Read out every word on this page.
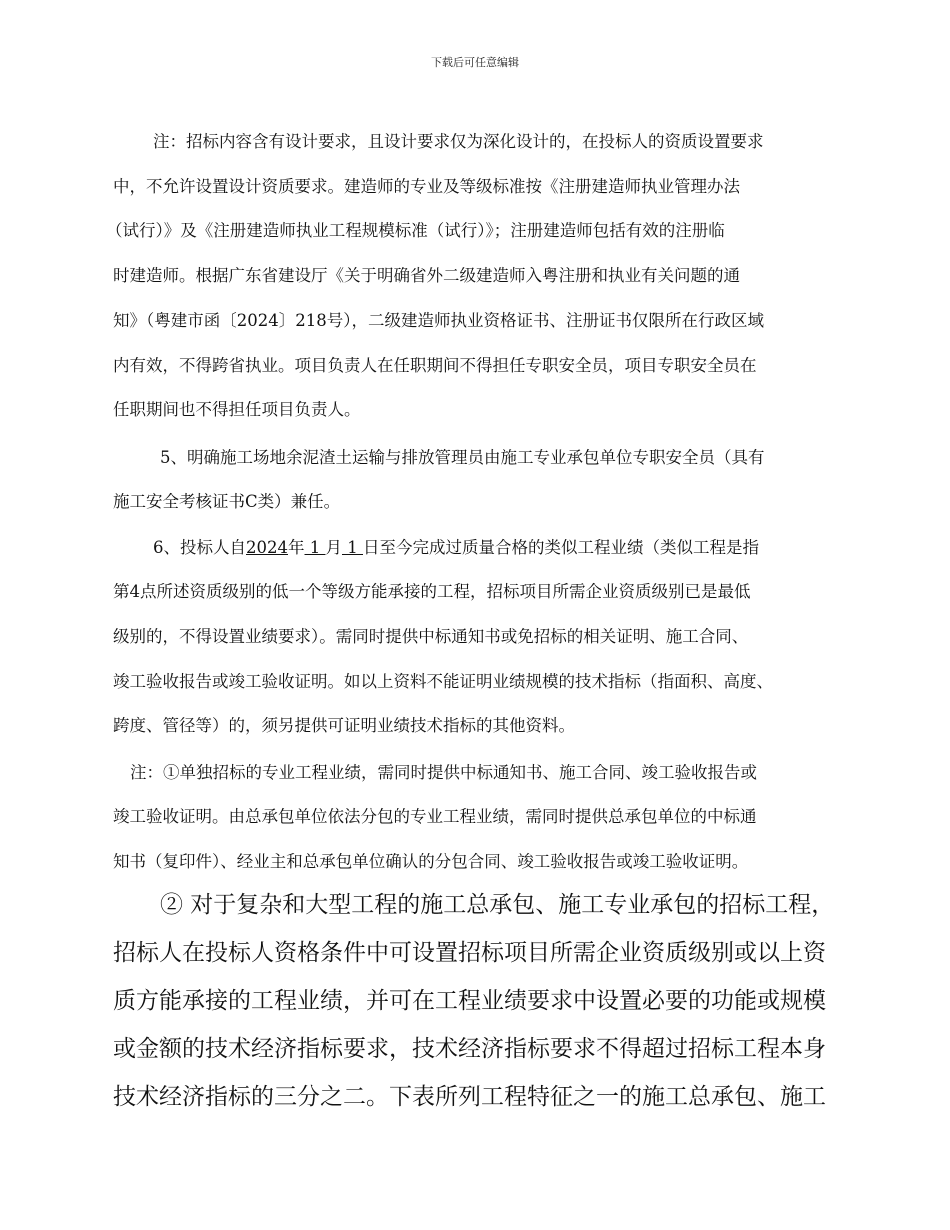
下载后可任意编辑
注：招标内容含有设计要求，且设计要求仅为深化设计的，在投标人的资质设置要求
中，不允许设置设计资质要求。建造师的专业及等级标准按《注册建造师执业管理办法
（试行）》及《注册建造师执业工程规模标准（试行）》；注册建造师包括有效的注册临
时建造师。根据广东省建设厅《关于明确省外二级建造师入粤注册和执业有关问题的通
知》（粤建市函〔2024〕218号），二级建造师执业资格证书、注册证书仅限所在行政区域
内有效，不得跨省执业。项目负责人在任职期间不得担任专职安全员，项目专职安全员在
任职期间也不得担任项目负责人。
5、明确施工场地余泥渣土运输与排放管理员由施工专业承包单位专职安全员（具有
施工安全考核证书C类）兼任。
6、投标人自2024年 1 月 1 日至今完成过质量合格的类似工程业绩（类似工程是指
第4点所述资质级别的低一个等级方能承接的工程，招标项目所需企业资质级别已是最低
级别的，不得设置业绩要求）。需同时提供中标通知书或免招标的相关证明、施工合同、
竣工验收报告或竣工验收证明。如以上资料不能证明业绩规模的技术指标（指面积、高度、
跨度、管径等）的，须另提供可证明业绩技术指标的其他资料。
注：①单独招标的专业工程业绩，需同时提供中标通知书、施工合同、竣工验收报告或
竣工验收证明。由总承包单位依法分包的专业工程业绩，需同时提供总承包单位的中标通
知书（复印件）、经业主和总承包单位确认的分包合同、竣工验收报告或竣工验收证明。
② 对于复杂和大型工程的施工总承包、施工专业承包的招标工程，
招标人在投标人资格条件中可设置招标项目所需企业资质级别或以上资
质方能承接的工程业绩，并可在工程业绩要求中设置必要的功能或规模
或金额的技术经济指标要求，技术经济指标要求不得超过招标工程本身
技术经济指标的三分之二。下表所列工程特征之一的施工总承包、施工
